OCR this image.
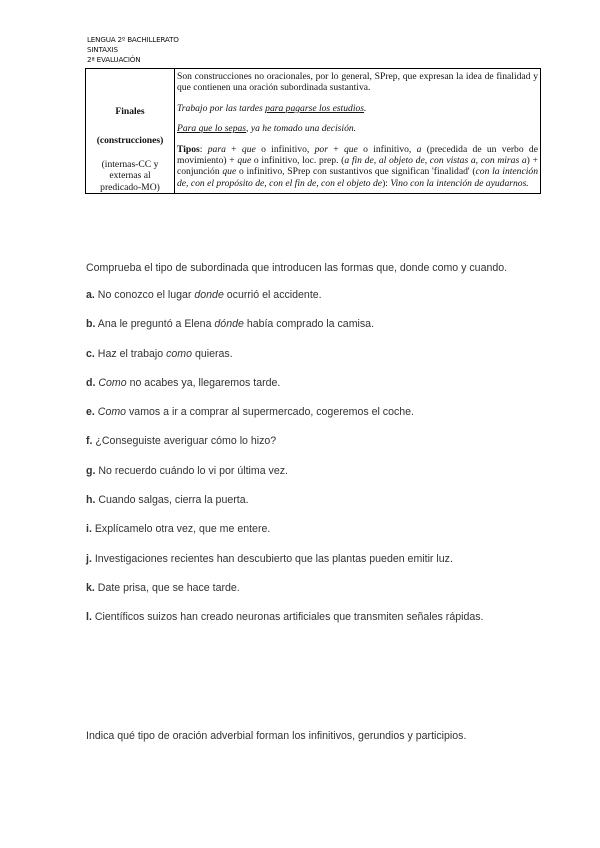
LENGUA 2º BACHILLERATO
SINTAXIS
2ª EVALUACIÓN
Finales
(construcciones)
(internas-CC y externas al predicado-MO)

Son construcciones no oracionales, por lo general, SPrep, que expresan la idea de finalidad y que contienen una oración subordinada sustantiva.

Trabajo por las tardes para pagarse los estudios.

Para que lo sepas, ya he tomado una decisión.

Tipos: para + que o infinitivo, por + que o infinitivo, a (precedida de un verbo de movimiento) + que o infinitivo, loc. prep. (a fin de, al objeto de, con vistas a, con miras a) + conjunción que o infinitivo, SPrep con sustantivos que significan 'finalidad' (con la intención de, con el propósito de, con el fin de, con el objeto de): Vino con la intención de ayudarnos.

Comprueba el tipo de subordinada que introducen las formas que, donde como y cuando.

a. No conozco el lugar donde ocurrió el accidente.

b. Ana le preguntó a Elena dónde había comprado la camisa.

c. Haz el trabajo como quieras.

d. Como no acabes ya, llegaremos tarde.

e. Como vamos a ir a comprar al supermercado, cogeremos el coche.

f. ¿Conseguiste averiguar cómo lo hizo?

g. No recuerdo cuándo lo vi por última vez.

h. Cuando salgas, cierra la puerta.

i. Explícamelo otra vez, que me entere.

j. Investigaciones recientes han descubierto que las plantas pueden emitir luz.

k. Date prisa, que se hace tarde.

l. Científicos suizos han creado neuronas artificiales que transmiten señales rápidas.

Indica qué tipo de oración adverbial forman los infinitivos, gerundios y participios.
